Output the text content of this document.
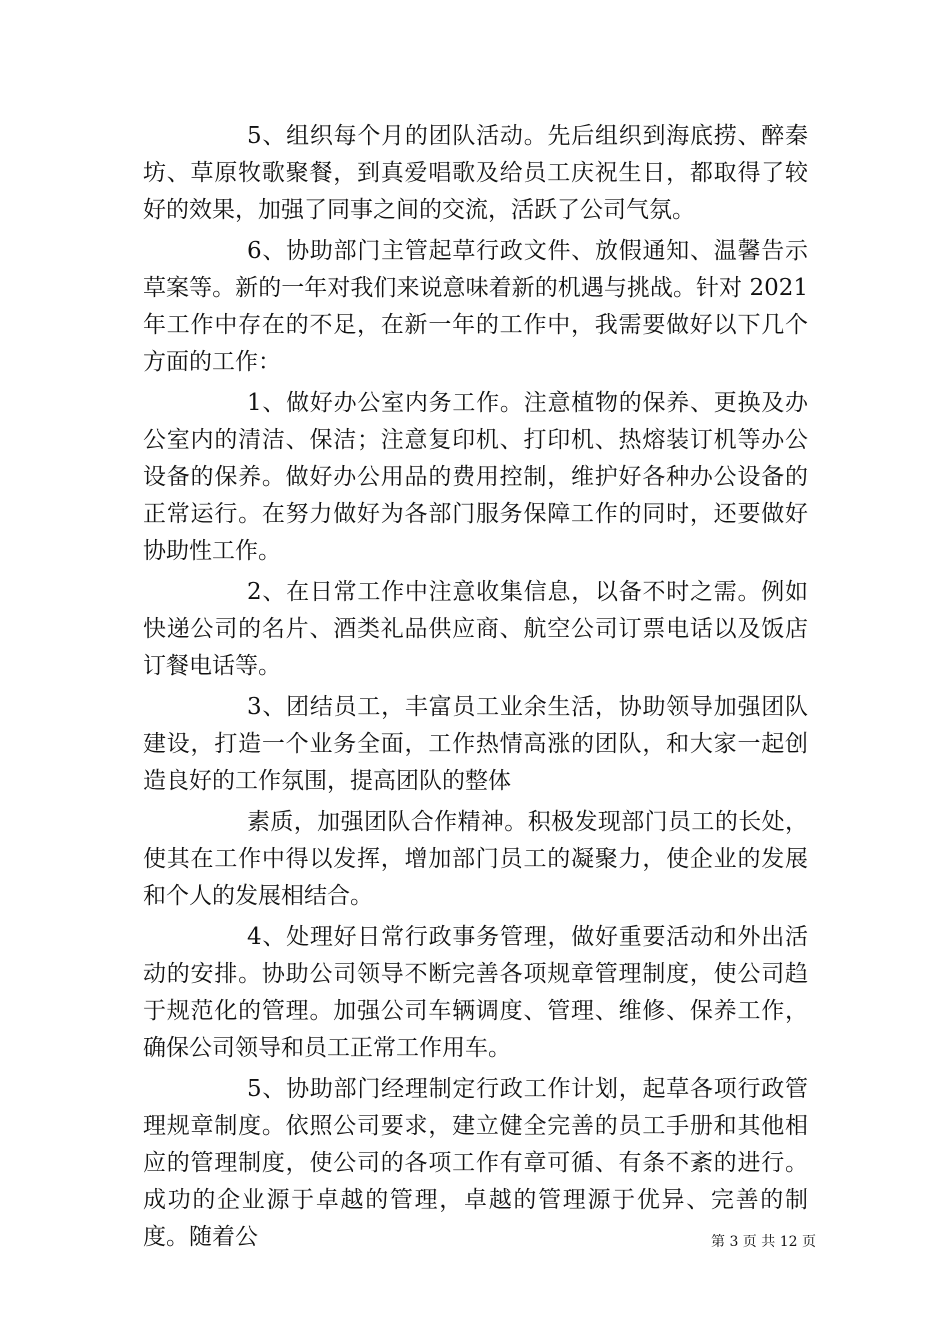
5、组织每个月的团队活动。先后组织到海底捞、醉秦坊、草原牧歌聚餐，到真爱唱歌及给员工庆祝生日，都取得了较好的效果，加强了同事之间的交流，活跃了公司气氛。

6、协助部门主管起草行政文件、放假通知、温馨告示草案等。新的一年对我们来说意味着新的机遇与挑战。针对 2021 年工作中存在的不足，在新一年的工作中，我需要做好以下几个方面的工作：

1、做好办公室内务工作。注意植物的保养、更换及办公室内的清洁、保洁；注意复印机、打印机、热熔装订机等办公设备的保养。做好办公用品的费用控制，维护好各种办公设备的正常运行。在努力做好为各部门服务保障工作的同时，还要做好协助性工作。

2、在日常工作中注意收集信息，以备不时之需。例如快递公司的名片、酒类礼品供应商、航空公司订票电话以及饭店订餐电话等。

3、团结员工，丰富员工业余生活，协助领导加强团队建设，打造一个业务全面，工作热情高涨的团队，和大家一起创造良好的工作氛围，提高团队的整体

素质，加强团队合作精神。积极发现部门员工的长处，使其在工作中得以发挥，增加部门员工的凝聚力，使企业的发展和个人的发展相结合。

4、处理好日常行政事务管理，做好重要活动和外出活动的安排。协助公司领导不断完善各项规章管理制度，使公司趋于规范化的管理。加强公司车辆调度、管理、维修、保养工作，确保公司领导和员工正常工作用车。

5、协助部门经理制定行政工作计划，起草各项行政管理规章制度。依照公司要求，建立健全完善的员工手册和其他相应的管理制度，使公司的各项工作有章可循、有条不紊的进行。成功的企业源于卓越的管理，卓越的管理源于优异、完善的制度。随着公	第 3 页 共 12 页
